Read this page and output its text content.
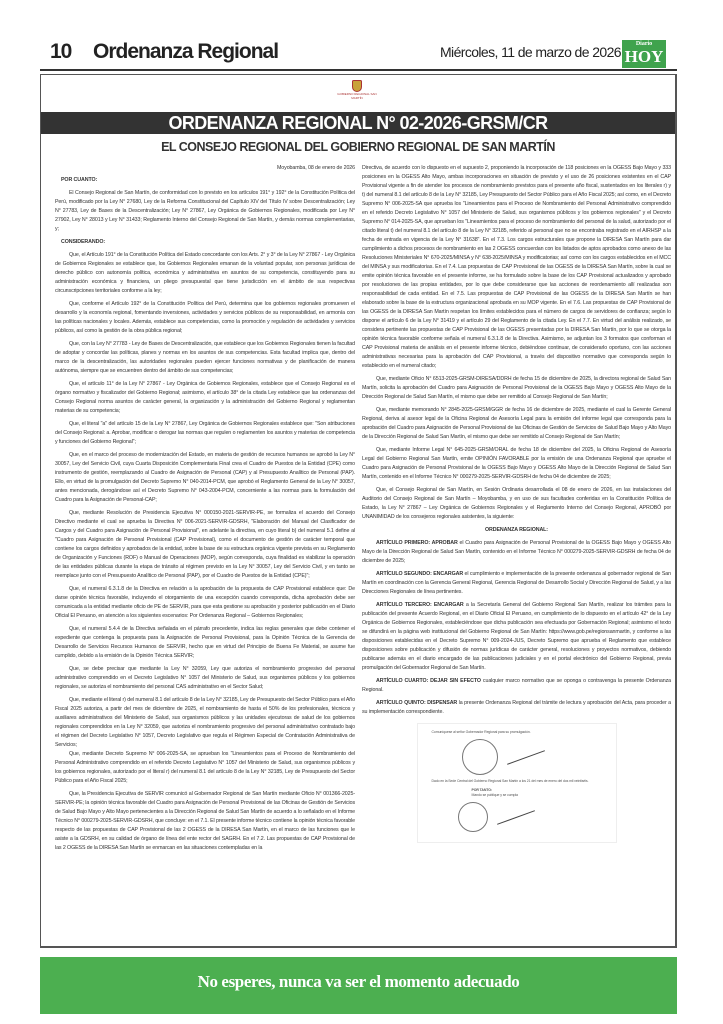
10 Ordenanza Regional	Miércoles, 11 de marzo de 2026	Diario
HOY
GOBIERNO REGIONAL SAN MARTÍN
ORDENANZA REGIONAL N° 02-2026-GRSM/CR
EL CONSEJO REGIONAL DEL GOBIERNO REGIONAL DE SAN MARTÍN

Moyobamba, 08 de enero de 2026

POR CUANTO:

El Consejo Regional de San Martín, de conformidad con lo previsto en los artículos 191° y 192° de la Constitución Política del Perú, modificado por la Ley N° 27680, Ley de la Reforma Constitucional del Capítulo XIV del Título IV sobre Descentralización; Ley N° 27783, Ley de Bases de la Descentralización; Ley N° 27867, Ley Orgánica de Gobiernos Regionales, modificada por Ley N° 27902, Ley N° 28013 y Ley N° 31433; Reglamento Interno del Consejo Regional de San Martín, y demás normas complementarias, y;

CONSIDERANDO:

Que, el Artículo 191° de la Constitución Política del Estado concordante con los Arts. 2° y 3° de la Ley N° 27867 - Ley Orgánica de Gobiernos Regionales se establece que, los Gobiernos Regionales emanan de la voluntad popular, son personas jurídicas de derecho público con autonomía política, económica y administrativa en asuntos de su competencia, constituyendo para su administración económica y financiera, un pliego presupuestal que tiene jurisdicción en el ámbito de sus respectivas circunscripciones territoriales conforme a la ley;

Que, conforme el Artículo 192° de la Constitución Política del Perú, determina que los gobiernos regionales promueven el desarrollo y la economía regional, fomentando inversiones, actividades y servicios públicos de su responsabilidad, en armonía con las políticas nacionales y locales. Además, establece sus competencias, como la promoción y regulación de actividades y servicios públicos, así como la gestión de la obra pública regional;

Que, con la Ley N° 27783 - Ley de Bases de Descentralización, que establece que los Gobiernos Regionales tienen la facultad de adoptar y concordar las políticas, planes y normas en los asuntos de sus competencias. Esta facultad implica que, dentro del marco de la descentralización, las autoridades regionales pueden ejercer funciones normativas y de planificación de manera autónoma, siempre que se encuentren dentro del ámbito de sus competencias;

Que, el artículo 11° de la Ley N° 27867 - Ley Orgánica de Gobiernos Regionales, establece que el Consejo Regional es el órgano normativo y fiscalizador del Gobierno Regional; asimismo, el artículo 38° de la citada Ley establece que las ordenanzas del Consejo Regional norma asuntos de carácter general, la organización y la administración del Gobierno Regional y reglamentan materias de su competencia;

Que, el literal "a" del artículo 15 de la Ley N° 27867, Ley Orgánica de Gobiernos Regionales establece que: "Son atribuciones del Consejo Regional: a. Aprobar, modificar o derogar las normas que regulen o reglamenten los asuntos y materias de competencia y funciones del Gobierno Regional";

Que, en el marco del proceso de modernización del Estado, en materia de gestión de recursos humanos se aprobó la Ley N° 30057, Ley del Servicio Civil, cuya Cuarta Disposición Complementaria Final crea el Cuadro de Puestos de la Entidad (CPE) como instrumento de gestión, reemplazando al Cuadro de Asignación de Personal (CAP) y al Presupuesto Analítico de Personal (PAP). Ello, en virtud de la promulgación del Decreto Supremo N° 040-2014-PCM, que aprobó el Reglamento General de la Ley N° 30057, antes mencionada, derogándose así el Decreto Supremo N° 043-2004-PCM, concerniente a las normas para la formulación del Cuadro para la Asignación de Personal-CAP;

Que, mediante Resolución de Presidencia Ejecutiva N° 000150-2021-SERVIR-PE, se formaliza el acuerdo del Consejo Directivo mediante el cual se aprueba la Directiva N° 006-2021-SERVIR-GDSRH, "Elaboración del Manual del Clasificador de Cargos y del Cuadro para Asignación de Personal Provisional", en adelante la directiva, en cuyo literal b) del numeral 5.1 define al "Cuadro para Asignación de Personal Provisional (CAP Provisional), como el documento de gestión de carácter temporal que contiene los cargos definidos y aprobados de la entidad, sobre la base de su estructura orgánica vigente prevista en su Reglamento de Organización y Funciones (ROF) o Manual de Operaciones (MOP), según corresponda, cuya finalidad es viabilizar la operación de las entidades públicas durante la etapa de tránsito al régimen previsto en la Ley N° 30057, Ley del Servicio Civil, y en tanto se reemplace junto con el Presupuesto Analítico de Personal (PAP), por el Cuadro de Puestos de la Entidad (CPE)";

Que, el numeral 6.3.1.8 de la Directiva en relación a la aprobación de la propuesta de CAP Provisional establece que: De darse opinión técnica favorable, incluyendo el otorgamiento de una excepción cuando corresponda, dicha aprobación debe ser comunicada a la entidad mediante oficio de PE de SERVIR, para que esta gestione su aprobación y posterior publicación en el Diario Oficial El Peruano, en atención a los siguientes escenarios: Por Ordenanza Regional – Gobiernos Regionales;

Que, el numeral 5.4.4 de la Directiva señalada en el párrafo precedente, indica las reglas generales que debe contener el expediente que contenga la propuesta para la Asignación de Personal Provisional, para la Opinión Técnica de la Gerencia de Desarrollo de Servicios Recursos Humanos de SERVIR, hecho que en virtud del Principio de Buena Fe Material, se asume fue cumplido, debido a la emisión de la Opinión Técnica SERVIR;

Que, se debe precisar que mediante la Ley N° 32059, Ley que autoriza el nombramiento progresivo del personal administrativo comprendido en el Decreto Legislativo N° 1057 del Ministerio de Salud, sus organismos públicos y los gobiernos regionales, se autoriza el nombramiento del personal CAS administrativo en el Sector Salud;

Que, mediante el literal r) del numeral 8.1 del artículo 8 de la Ley N° 32185, Ley de Presupuesto del Sector Público para el Año Fiscal 2025 autoriza, a partir del mes de diciembre de 2025, el nombramiento de hasta el 50% de los profesionales, técnicos y auxiliares administrativos del Ministerio de Salud, sus organismos públicos y las unidades ejecutoras de salud de los gobiernos regionales comprendidos en la Ley N° 32059, que autoriza el nombramiento progresivo del personal administrativo contratado bajo el régimen del Decreto Legislativo N° 1057, Decreto Legislativo que regula el Régimen Especial de Contratación Administrativa de Servicios;

Que, mediante Decreto Supremo N° 006-2025-SA, se aprueban los "Lineamientos para el Proceso de Nombramiento del Personal Administrativo comprendido en el referido Decreto Legislativo N° 1057 del Ministerio de Salud, sus organismos públicos y los gobiernos regionales, autorizado por el literal r) del numeral 8.1 del artículo 8 de la Ley N° 32185, Ley de Presupuesto del Sector Público para el Año Fiscal 2025;

Que, la Presidencia Ejecutiva de SERVIR comunicó al Gobernador Regional de San Martín mediante Oficio N° 001366-2025-SERVIR-PE; la opinión técnica favorable del Cuadro para Asignación de Personal Provisional de las Oficinas de Gestión de Servicios de Salud Bajo Mayo y Alto Mayo pertenecientes a la Dirección Regional de Salud San Martín de acuerdo a lo señalado en el Informe Técnico N° 000279-2025-SERVIR-GDSRH, que concluye: en el 7.1. El presente informe técnico contiene la opinión técnica favorable respecto de las propuestas de CAP Provisional de las 2 OGESS de la DIRESA San Martín, en el marco de las funciones que le asiste a la GDSRH, en su calidad de órgano de línea del ente rector del SAGRH. En el 7.2. Las propuestas de CAP Provisional de las 2 OGESS de la DIRESA San Martín se enmarcan en las situaciones contempladas en la

Directiva, de acuerdo con lo dispuesto en el supuesto 2, proponiendo la incorporación de 118 posiciones en la OGESS Bajo Mayo y 333 posiciones en la OGESS Alto Mayo, ambas incorporaciones en situación de previsto y el uso de 26 posiciones existentes en el CAP Provisional vigente a fin de atender los procesos de nombramiento previstos para el presente año fiscal, sustentados en los literales r) y t) del numeral 8.1 del artículo 8 de la Ley N° 32185, Ley Presupuesto del Sector Público para el Año Fiscal 2025; así como, en el Decreto Supremo N° 006-2025-SA que aprueba los "Lineamientos para el Proceso de Nombramiento del Personal Administrativo comprendido en el referido Decreto Legislativo N° 1057 del Ministerio de Salud, sus organismos públicos y los gobiernos regionales" y el Decreto Supremo N° 014-2025-SA, que aprueban los "Lineamientos para el proceso de nombramiento del personal de la salud, autorizado por el citado literal t) del numeral 8.1 del artículo 8 de la Ley N° 32185, referido al personal que no se encontraba registrado en el AIRHSP a la fecha de entrada en vigencia de la Ley N° 31638". En el 7.3. Los cargos estructurales que propone la DIRESA San Martín para dar cumplimiento a dichos procesos de nombramiento en las 2 OGESS concuerdan con los listados de aptos aprobados como anexo de las Resoluciones Ministeriales N° 670-2025/MINSA y N° 638-2025/MINSA y modificatorias; así como con los cargos establecidos en el MCC del MINSA y sus modificatorias. En el 7.4. Las propuestas de CAP Provisional de las OGESS de la DIRESA San Martín, sobre la cual se emite opinión técnica favorable en el presente informe, se ha formulado sobre la base de los CAP Provisional actualizados y aprobado por resoluciones de las propias entidades, por lo que debe considerarse que las acciones de reordenamiento allí realizadas son responsabilidad de cada entidad. En el 7.5. Las propuestas de CAP Provisional de las OGESS de la DIRESA San Martín se han elaborado sobre la base de la estructura organizacional aprobada en su MOP vigente. En el 7.6. Las propuestas de CAP Provisional de las OGESS de la DIRESA San Martín respetan los límites establecidos para el número de cargos de servidores de confianza; según lo dispone el artículo 6 de la Ley N° 31419 y el artículo 29 del Reglamento de la citada Ley. En el 7.7. En virtud del análisis realizado, se considera pertinente las propuestas de CAP Provisional de las OGESS presentadas por la DIRESA San Martín, por lo que se otorga la opinión técnica favorable conforme señala el numeral 6.3.1.8 de la Directiva. Asimismo, se adjuntan los 3 formatos que conforman el CAP Provisional materia de análisis en el presente informe técnico, debiéndose continuar, de considerarlo oportuno, con las acciones administrativas necesarias para la aprobación del CAP Provisional, a través del dispositivo normativo que corresponda según lo establecido en el numeral citado;

Que, mediante Oficio N° 6513-2025-GRSM-DIRESA/DDRH de fecha 15 de diciembre de 2025, la directora regional de Salud San Martín, solicita la aprobación del Cuadro para Asignación de Personal Provisional de la OGESS Bajo Mayo y OGESS Alto Mayo de la Dirección Regional de Salud San Martín, el mismo que debe ser remitido al Consejo Regional de San Martín;

Que, mediante memorando N° 2845-2025-GRSM/GGR de fecha 16 de diciembre de 2025, mediante el cual la Gerente General Regional, deriva al asesor legal de la Oficina Regional de Asesoría Legal para la emisión del informe legal que corresponda para la aprobación del Cuadro para Asignación de Personal Provisional de las Oficinas de Gestión de Servicios de Salud Bajo Mayo y Alto Mayo de la Dirección Regional de Salud San Martín, el mismo que debe ser remitido al Consejo Regional de San Martín;

Que, mediante Informe Legal N° 645-2025-GRSM/ORAL de fecha 18 de diciembre del 2025, la Oficina Regional de Asesoría Legal del Gobierno Regional San Martín, emite OPINIÓN FAVORABLE por la emisión de una Ordenanza Regional que apruebe el Cuadro para Asignación de Personal Provisional de la OGESS Bajo Mayo y OGESS Alto Mayo de la Dirección Regional de Salud San Martín, contenido en el Informe Técnico N° 000279-2025-SERVIR-GDSRH de fecha 04 de diciembre de 2025;

Que, el Consejo Regional de San Martín, en Sesión Ordinaria desarrollada el 08 de enero de 2026, en las instalaciones del Auditorio del Consejo Regional de San Martín – Moyobamba, y en uso de sus facultades conferidas en la Constitución Política de Estado, la Ley N° 27867 – Ley Orgánica de Gobiernos Regionales y el Reglamento Interno del Consejo Regional, APROBÓ por UNANIMIDAD de los consejeros regionales asistentes, la siguiente:

ORDENANZA REGIONAL:

ARTÍCULO PRIMERO: APROBAR el Cuadro para Asignación de Personal Provisional de la OGESS Bajo Mayo y OGESS Alto Mayo de la Dirección Regional de Salud San Martín, contenido en el Informe Técnico N° 000279-2025-SERVIR-GDSRH de fecha 04 de diciembre de 2025;

ARTÍCULO SEGUNDO: ENCARGAR el cumplimiento e implementación de la presente ordenanza al gobernador regional de San Martín en coordinación con la Gerencia General Regional, Gerencia Regional de Desarrollo Social y Dirección Regional de Salud, y a las Direcciones Regionales de línea pertinentes.

ARTÍCULO TERCERO: ENCARGAR a la Secretaría General del Gobierno Regional San Martín, realizar los trámites para la publicación del presente Acuerdo Regional, en el Diario Oficial El Peruano, en cumplimiento de lo dispuesto en el artículo 42° de la Ley Orgánica de Gobiernos Regionales, estableciéndose que dicha publicación sea efectuada por Gobernación Regional; asimismo el texto se difundirá en la página web institucional del Gobierno Regional de San Martín: https://www.gob.pe/regionsanmartin, y conforme a las disposiciones establecidas en el Decreto Supremo N° 009-2024-JUS, Decreto Supremo que aprueba el Reglamento que establece disposiciones sobre publicación y difusión de normas jurídicas de carácter general, resoluciones y proyectos normativos, debiendo publicarse además en el diario encargado de las publicaciones judiciales y en el portal electrónico del Gobierno Regional, previa promulgación del Gobernador Regional de San Martín.

ARTÍCULO CUARTO: DEJAR SIN EFECTO cualquier marco normativo que se oponga o contravenga la presente Ordenanza Regional.

ARTÍCULO QUINTO: DISPENSAR la presente Ordenanza Regional del trámite de lectura y aprobación del Acta, para proceder a su implementación correspondiente.

Comuníquese al señor Gobernador Regional para su promulgación.
Dado en la Sede Central del Gobierno Regional San Martín a los 21 del mes de enero del dos mil veintiséis.
POR TANTO:
Mando se publique y se cumpla
No esperes, nunca va ser el momento adecuado
